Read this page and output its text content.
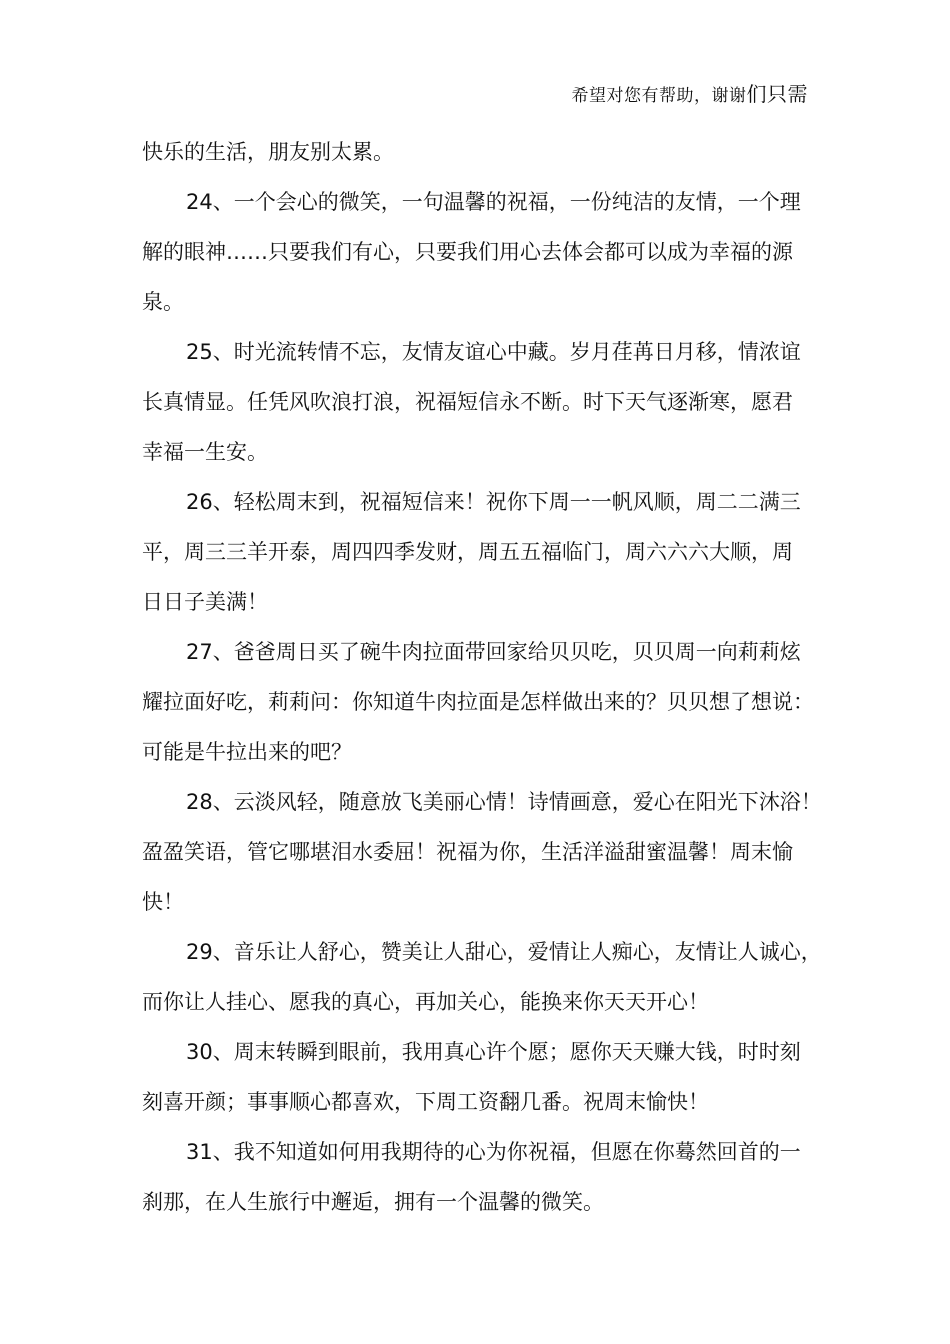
希望对您有帮助，谢谢们只需
快乐的生活，朋友别太累。
24、一个会心的微笑，一句温馨的祝福，一份纯洁的友情，一个理
解的眼神……只要我们有心，只要我们用心去体会都可以成为幸福的源
泉。
25、时光流转情不忘，友情友谊心中藏。岁月荏苒日月移，情浓谊
长真情显。任凭风吹浪打浪，祝福短信永不断。时下天气逐渐寒，愿君
幸福一生安。
26、轻松周末到，祝福短信来！祝你下周一一帆风顺，周二二满三
平，周三三羊开泰，周四四季发财，周五五福临门，周六六六大顺，周
日日子美满！
27、爸爸周日买了碗牛肉拉面带回家给贝贝吃，贝贝周一向莉莉炫
耀拉面好吃，莉莉问：你知道牛肉拉面是怎样做出来的？贝贝想了想说：
可能是牛拉出来的吧？
28、云淡风轻，随意放飞美丽心情！诗情画意，爱心在阳光下沐浴！
盈盈笑语，管它哪堪泪水委屈！祝福为你，生活洋溢甜蜜温馨！周末愉
快！
29、音乐让人舒心，赞美让人甜心，爱情让人痴心，友情让人诚心，
而你让人挂心、愿我的真心，再加关心，能换来你天天开心！
30、周末转瞬到眼前，我用真心许个愿；愿你天天赚大钱，时时刻
刻喜开颜；事事顺心都喜欢，下周工资翻几番。祝周末愉快！
31、我不知道如何用我期待的心为你祝福，但愿在你蓦然回首的一
刹那，在人生旅行中邂逅，拥有一个温馨的微笑。
